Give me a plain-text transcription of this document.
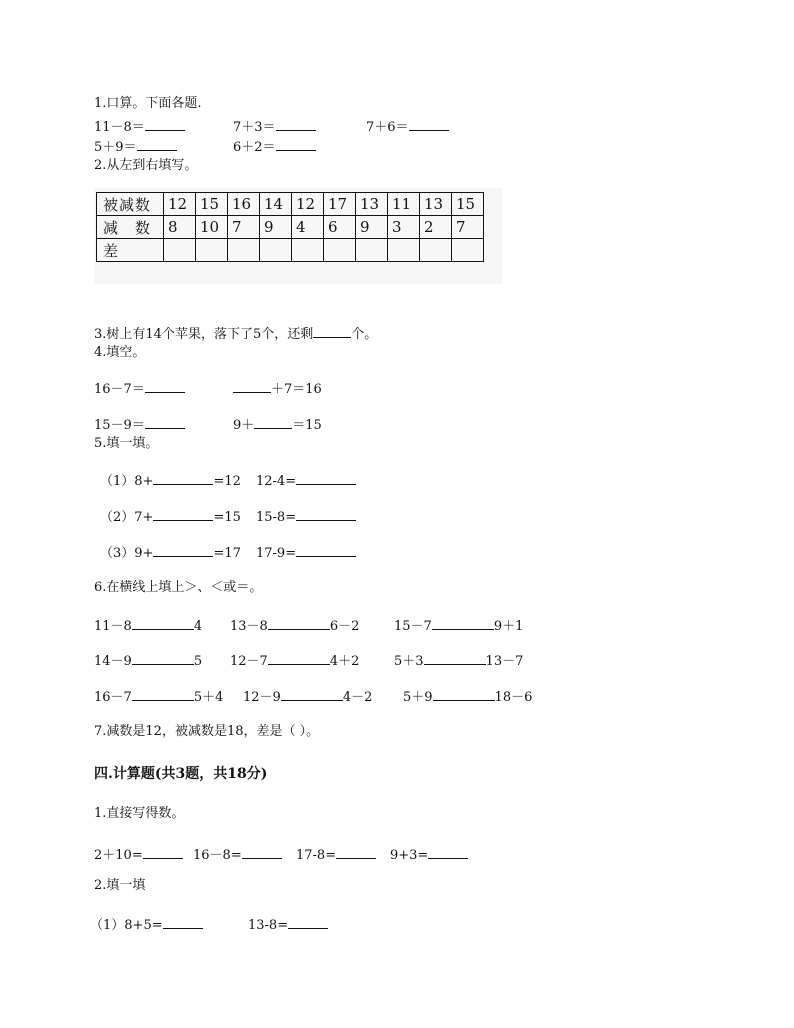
1.口算。下面各题.
11－8＝	7＋3＝	7＋6＝
5＋9＝	6＋2＝
2.从左到右填写。
被减数	12	15	16	14	12	17	13	11	13	15
减　数	8	10	7	9	4	6	9	3	2	7
差										
3.树上有14个苹果，落下了5个，还剩	个。
4.填空。
16－7＝	＋7＝16
15－9＝	9＋	＝15
5.填一填。
（1）8+	=12 12-4=
（2）7+	=15 15-8=
（3）9+	=17 17-9=
6.在横线上填上＞、＜或＝。
11－8	4 13－8	6－2	15－7	9＋1
14－9	5 12－7	4＋2	5＋3	13－7
16－7	5＋4 12－9	4－2 5＋9	18－6
7.减数是12，被减数是18，差是（ ）。
四.计算题(共3题，共18分)
1.直接写得数。
2＋10=	16－8=	17-8=	9+3=
2.填一填
（1）8+5=	13-8=
